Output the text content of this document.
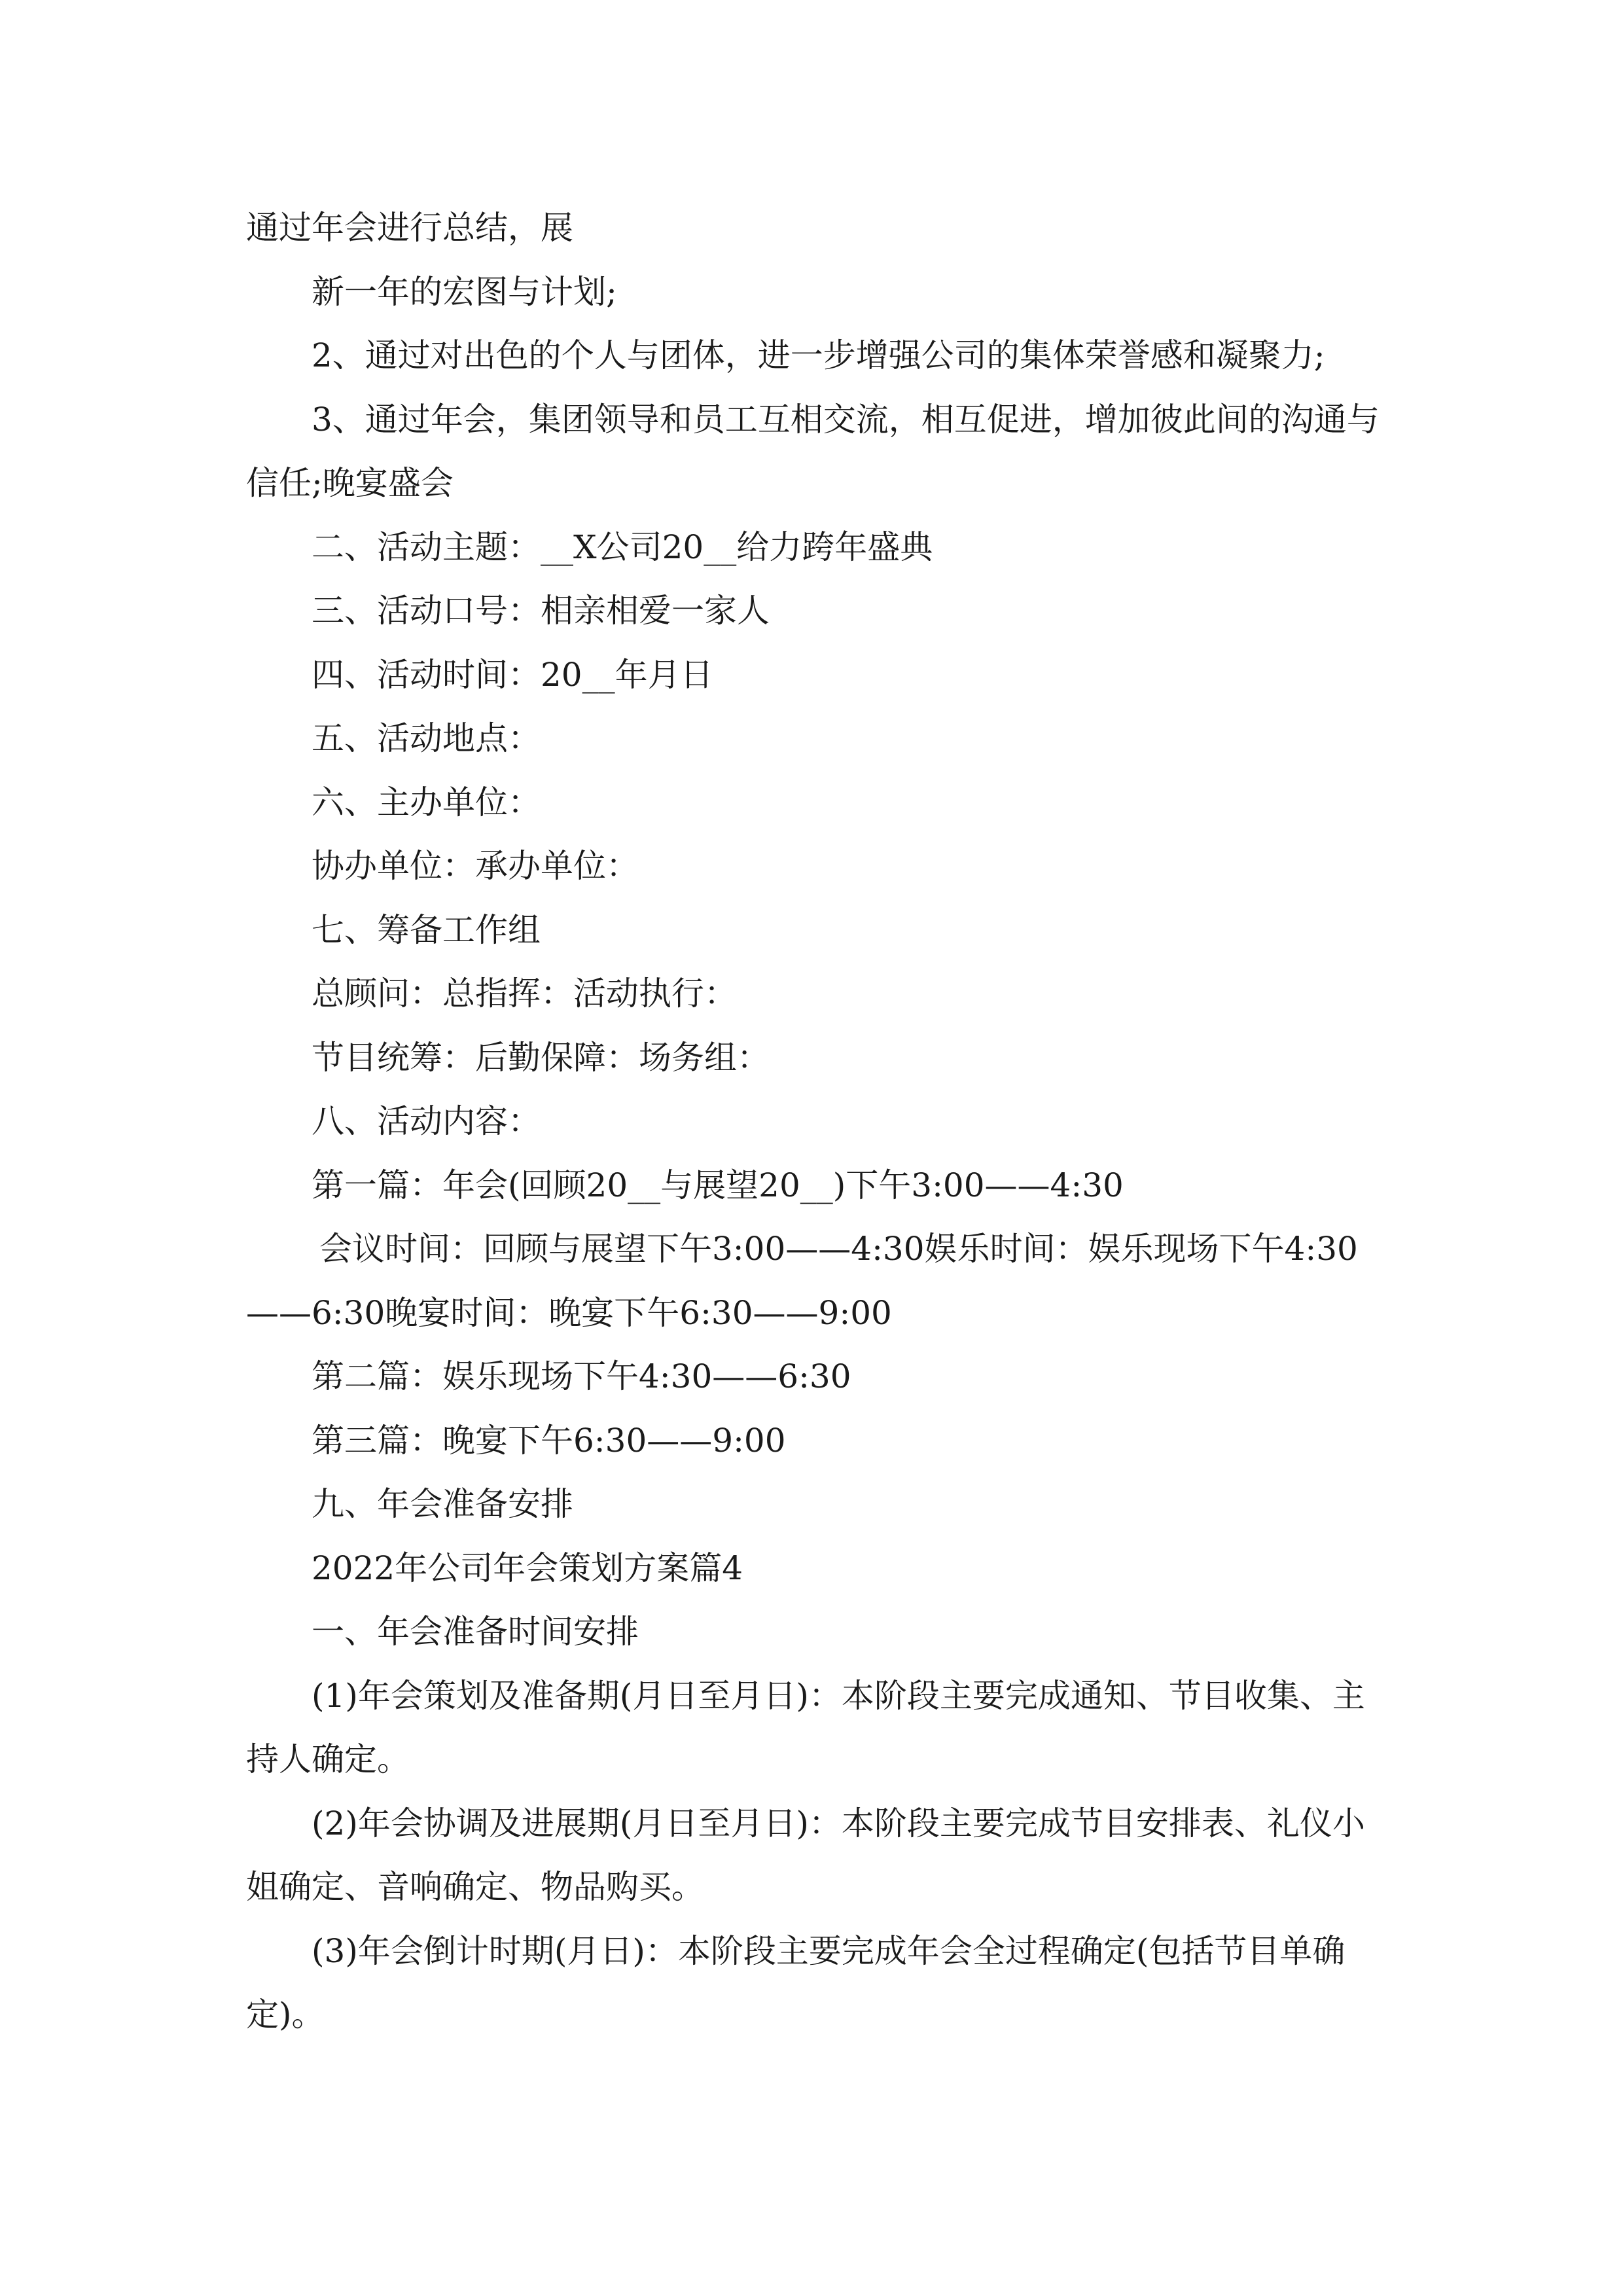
通过年会进行总结，展

新一年的宏图与计划;

2、通过对出色的个人与团体，进一步增强公司的集体荣誉感和凝聚力;

3、通过年会，集团领导和员工互相交流，相互促进，增加彼此间的沟通与信任;晚宴盛会

二、活动主题：__X公司20__给力跨年盛典

三、活动口号：相亲相爱一家人

四、活动时间：20__年月日

五、活动地点：

六、主办单位：

协办单位：承办单位：

七、筹备工作组

总顾问：总指挥：活动执行：

节目统筹：后勤保障：场务组：

八、活动内容：

第一篇：年会(回顾20__与展望20__)下午3:00——4:30

会议时间：回顾与展望下午3:00——4:30娱乐时间：娱乐现场下午4:30——6:30晚宴时间：晚宴下午6:30——9:00

第二篇：娱乐现场下午4:30——6:30

第三篇：晚宴下午6:30——9:00

九、年会准备安排

2022年公司年会策划方案篇4

一、年会准备时间安排

(1)年会策划及准备期(月日至月日)：本阶段主要完成通知、节目收集、主持人确定。

(2)年会协调及进展期(月日至月日)：本阶段主要完成节目安排表、礼仪小姐确定、音响确定、物品购买。

(3)年会倒计时期(月日)：本阶段主要完成年会全过程确定(包括节目单确定)。
